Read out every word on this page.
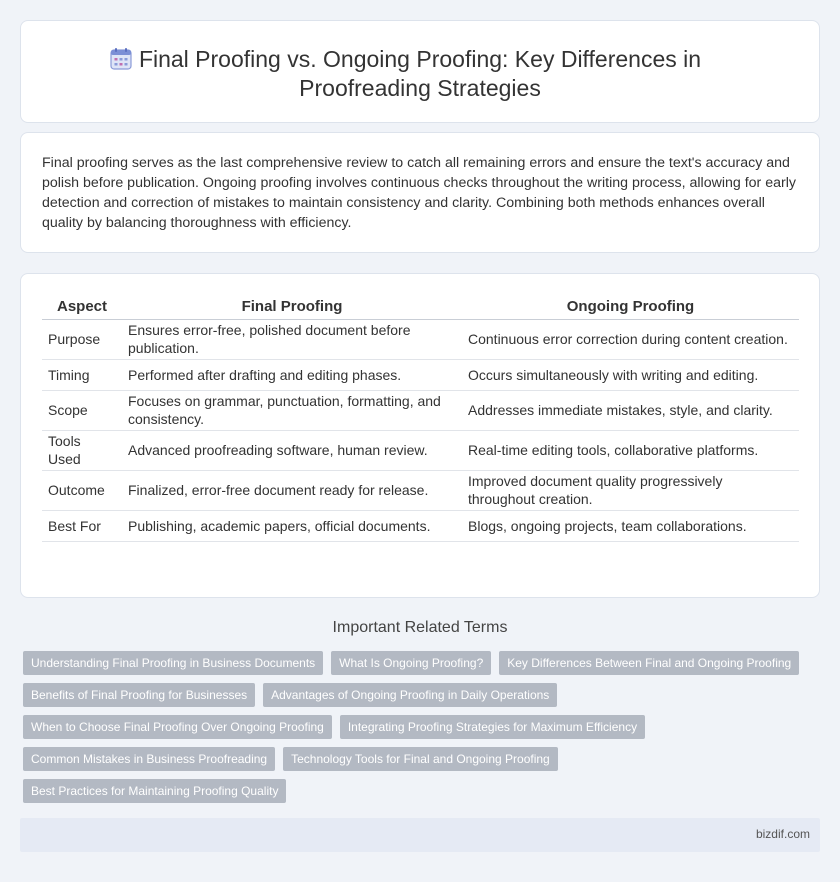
Final Proofing vs. Ongoing Proofing: Key Differences in Proofreading Strategies

Final proofing serves as the last comprehensive review to catch all remaining errors and ensure the text's accuracy and polish before publication. Ongoing proofing involves continuous checks throughout the writing process, allowing for early detection and correction of mistakes to maintain consistency and clarity. Combining both methods enhances overall quality by balancing thoroughness with efficiency.

Aspect	Final Proofing	Ongoing Proofing
Purpose	Ensures error-free, polished document before publication.	Continuous error correction during content creation.
Timing	Performed after drafting and editing phases.	Occurs simultaneously with writing and editing.
Scope	Focuses on grammar, punctuation, formatting, and consistency.	Addresses immediate mistakes, style, and clarity.
Tools Used	Advanced proofreading software, human review.	Real-time editing tools, collaborative platforms.
Outcome	Finalized, error-free document ready for release.	Improved document quality progressively throughout creation.
Best For	Publishing, academic papers, official documents.	Blogs, ongoing projects, team collaborations.
Important Related Terms
Understanding Final Proofing in Business Documents	What Is Ongoing Proofing?	Key Differences Between Final and Ongoing Proofing
Benefits of Final Proofing for Businesses	Advantages of Ongoing Proofing in Daily Operations
When to Choose Final Proofing Over Ongoing Proofing	Integrating Proofing Strategies for Maximum Efficiency
Common Mistakes in Business Proofreading	Technology Tools for Final and Ongoing Proofing
Best Practices for Maintaining Proofing Quality
bizdif.com
